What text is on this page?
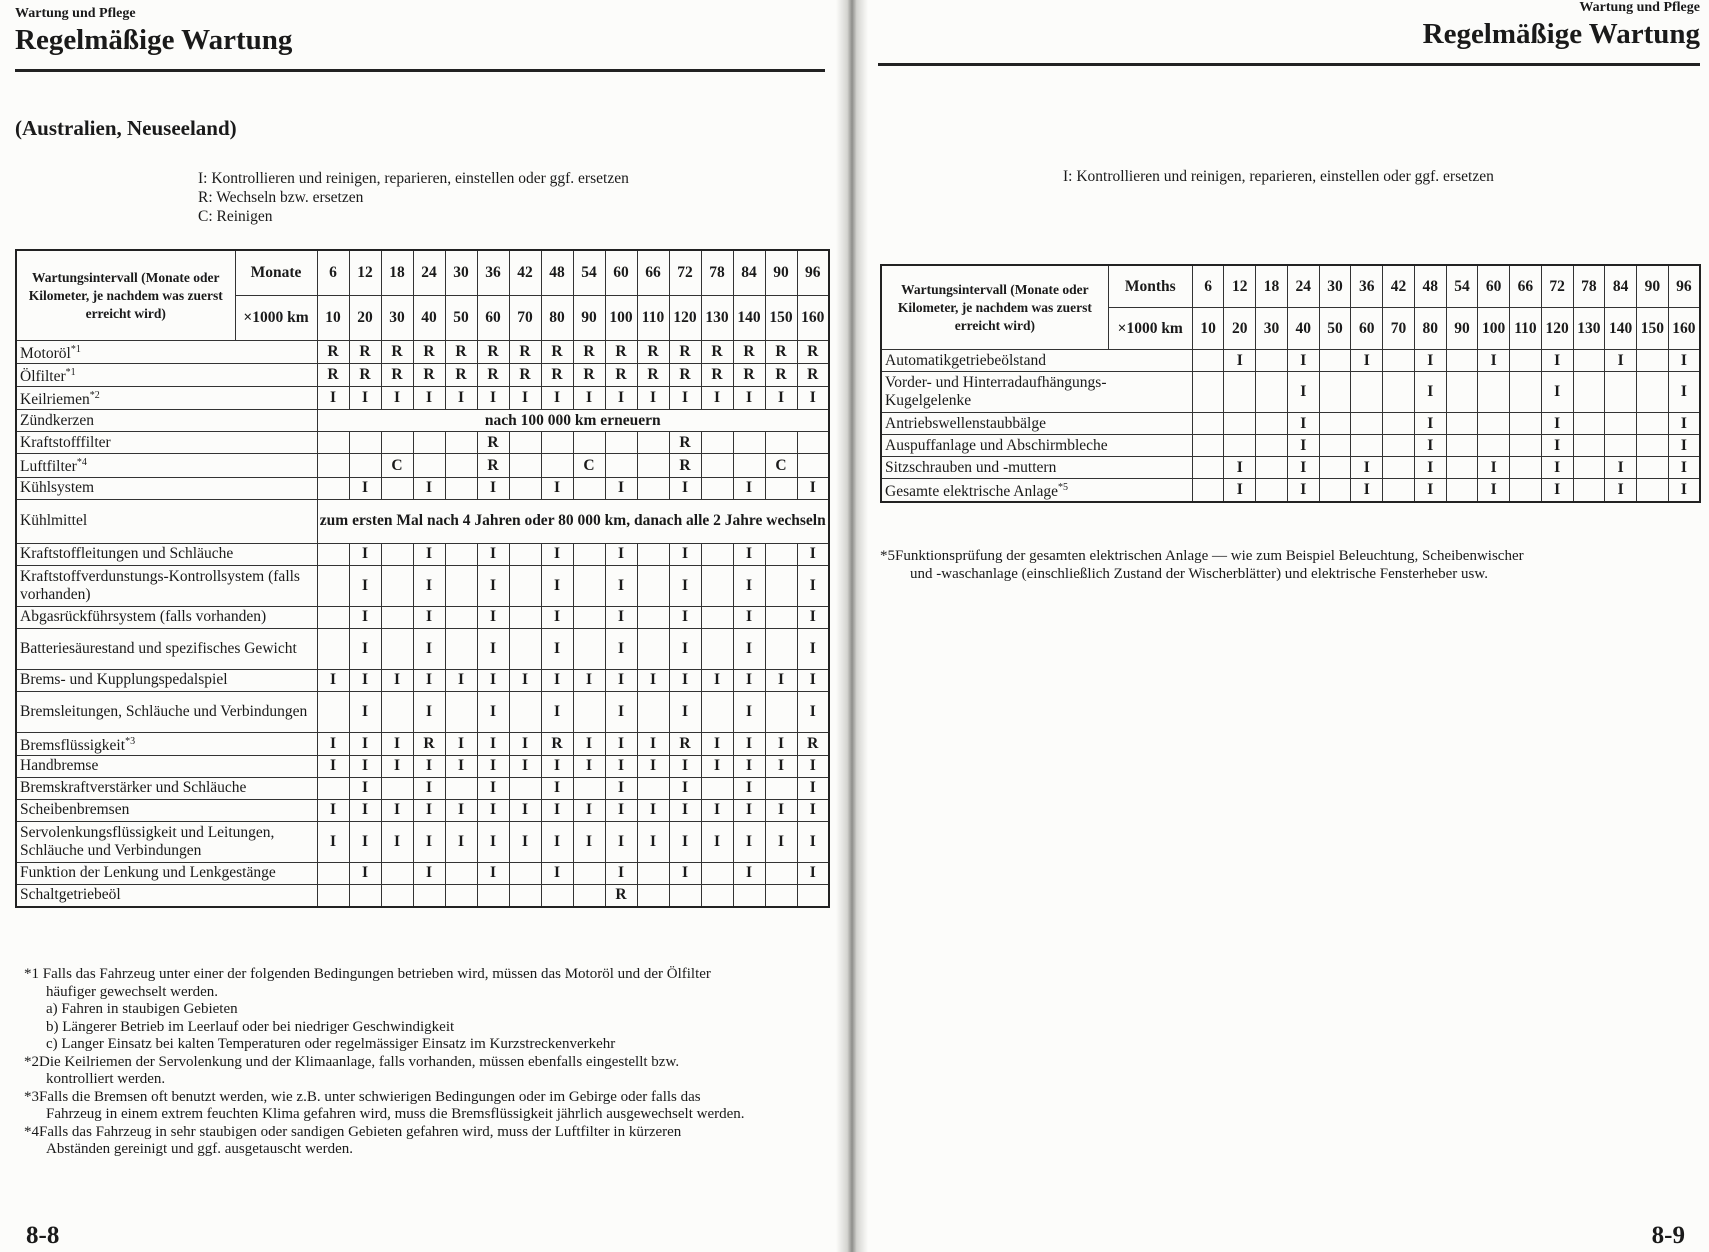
Wartung und Pflege
Regelmäßige Wartung
(Australien, Neuseeland)
I: Kontrollieren und reinigen, reparieren, einstellen oder ggf. ersetzen
R: Wechseln bzw. ersetzen
C: Reinigen
Wartungsintervall (Monate oder Kilometer, je nachdem was zuerst erreicht wird)	Monate	6	12	18	24	30	36	42	48	54	60	66	72	78	84	90	96
	×1000 km	10	20	30	40	50	60	70	80	90	100	110	120	130	140	150	160
Motoröl$^{*1}$		R	R	R	R	R	R	R	R	R	R	R	R	R	R	R	R
Ölfilter$^{*1}$		R	R	R	R	R	R	R	R	R	R	R	R	R	R	R	R
Keilriemen$^{*2}$		I	I	I	I	I	I	I	I	I	I	I	I	I	I	I	I
Zündkerzen		nach 100 000 km erneuern															
Kraftstofffilter							R						R				
Luftfilter$^{*4}$				C			R			C			R			C	
Kühlsystem			I		I		I		I		I		I		I		I
Kühlmittel		zum ersten Mal nach 4 Jahren oder 80 000 km, danach alle 2 Jahre wechseln															
Kraftstoffleitungen und Schläuche			I		I		I		I		I		I		I		I
Kraftstoffverdunstungs-Kontrollsystem (falls vorhanden)			I		I		I		I		I		I		I		I
Abgasrückführsystem (falls vorhanden)			I		I		I		I		I		I		I		I
Batteriesäurestand und spezifisches Gewicht			I		I		I		I		I		I		I		I
Brems- und Kupplungspedalspiel		I	I	I	I	I	I	I	I	I	I	I	I	I	I	I	I
Bremsleitungen, Schläuche und Verbindungen			I		I		I		I		I		I		I		I
Bremsflüssigkeit$^{*3}$		I	I	I	R	I	I	I	R	I	I	I	R	I	I	I	R
Handbremse		I	I	I	I	I	I	I	I	I	I	I	I	I	I	I	I
Bremskraftverstärker und Schläuche			I		I		I		I		I		I		I		I
Scheibenbremsen		I	I	I	I	I	I	I	I	I	I	I	I	I	I	I	I
Servolenkungsflüssigkeit und Leitungen, Schläuche und Verbindungen		I	I	I	I	I	I	I	I	I	I	I	I	I	I	I	I
Funktion der Lenkung und Lenkgestänge			I		I		I		I		I		I		I		I
Schaltgetriebeöl											R						
*1 Falls das Fahrzeug unter einer der folgenden Bedingungen betrieben wird, müssen das Motoröl und der Ölfilter
häufiger gewechselt werden.
a) Fahren in staubigen Gebieten
b) Längerer Betrieb im Leerlauf oder bei niedriger Geschwindigkeit
c) Langer Einsatz bei kalten Temperaturen oder regelmässiger Einsatz im Kurzstreckenverkehr
*2Die Keilriemen der Servolenkung und der Klimaanlage, falls vorhanden, müssen ebenfalls eingestellt bzw.
kontrolliert werden.
*3Falls die Bremsen oft benutzt werden, wie z.B. unter schwierigen Bedingungen oder im Gebirge oder falls das
Fahrzeug in einem extrem feuchten Klima gefahren wird, muss die Bremsflüssigkeit jährlich ausgewechselt werden.
*4Falls das Fahrzeug in sehr staubigen oder sandigen Gebieten gefahren wird, muss der Luftfilter in kürzeren
Abständen gereinigt und ggf. ausgetauscht werden.
8-8
Wartung und Pflege
Regelmäßige Wartung
I: Kontrollieren und reinigen, reparieren, einstellen oder ggf. ersetzen
Wartungsintervall (Monate oder Kilometer, je nachdem was zuerst erreicht wird)	Months	6	12	18	24	30	36	42	48	54	60	66	72	78	84	90	96
	×1000 km	10	20	30	40	50	60	70	80	90	100	110	120	130	140	150	160
Automatikgetriebeölstand			I		I		I		I		I		I		I		I
Vorder- und Hinterradaufhängungs-Kugelgelenke					I				I				I				I
Antriebswellenstaubbälge					I				I				I				I
Auspuffanlage und Abschirmbleche					I				I				I				I
Sitzschrauben und -muttern			I		I		I		I		I		I		I		I
Gesamte elektrische Anlage$^{*5}$			I		I		I		I		I		I		I		I
*5Funktionsprüfung der gesamten elektrischen Anlage — wie zum Beispiel Beleuchtung, Scheibenwischer
und -waschanlage (einschließlich Zustand der Wischerblätter) und elektrische Fensterheber usw.
8-9
